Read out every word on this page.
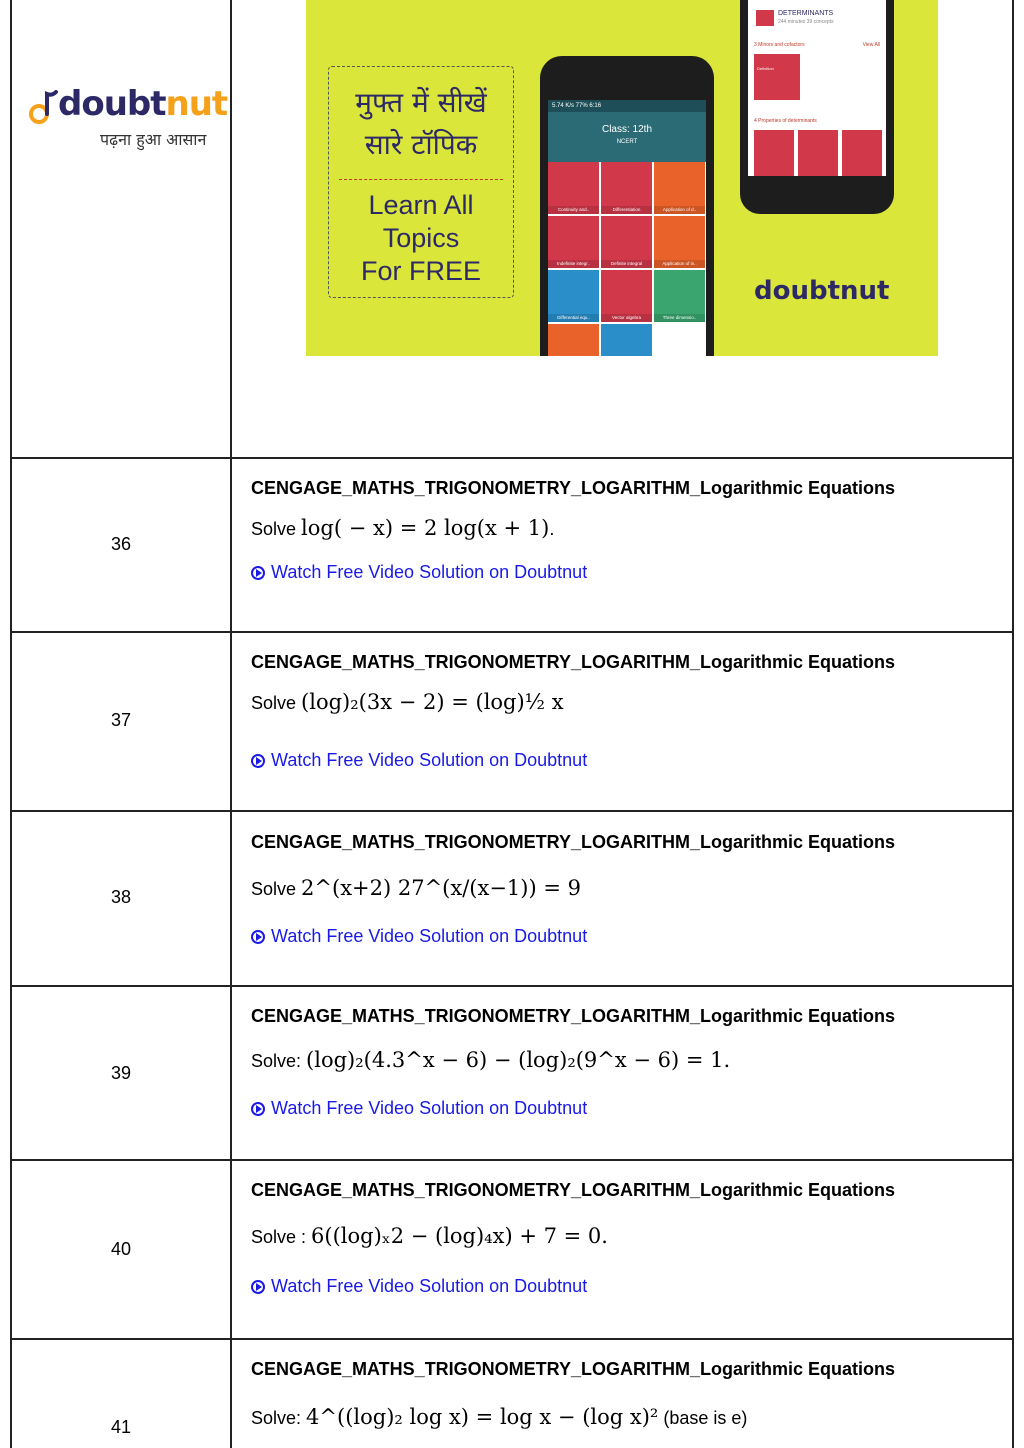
doubtnut
पढ़ना हुआ आसान
मुफ्त में सीखें
सारे टॉपिक
Learn All
Topics
For FREE
5.74 K/s 77% 6:16
Class: 12th
NCERT
Continuity and..	Differentiation	Application of d..
Indefinite integr..	Definite integral	Application of in..
Differential equ..	Vector algebra	Three dimensio..
DETERMINANTS
244 minutes 39 concepts
3 Minors and cofactors	View All
Definition
4 Properties of determinants
doubtnut
36
CENGAGE_MATHS_TRIGONOMETRY_LOGARITHM_Logarithmic Equations
Solve log( − x) = 2 log(x + 1).
Watch Free Video Solution on Doubtnut
37
CENGAGE_MATHS_TRIGONOMETRY_LOGARITHM_Logarithmic Equations
Solve (log)₂(3x − 2) = (log)½ x
Watch Free Video Solution on Doubtnut
38
CENGAGE_MATHS_TRIGONOMETRY_LOGARITHM_Logarithmic Equations
Solve 2^(x+2) 27^(x/(x−1)) = 9
Watch Free Video Solution on Doubtnut
39
CENGAGE_MATHS_TRIGONOMETRY_LOGARITHM_Logarithmic Equations
Solve: (log)₂(4.3^x − 6) − (log)₂(9^x − 6) = 1.
Watch Free Video Solution on Doubtnut
40
CENGAGE_MATHS_TRIGONOMETRY_LOGARITHM_Logarithmic Equations
Solve : 6((log)ₓ2 − (log)₄x) + 7 = 0.
Watch Free Video Solution on Doubtnut
41
CENGAGE_MATHS_TRIGONOMETRY_LOGARITHM_Logarithmic Equations
Solve: 4^((log)₂ log x) = log x − (log x)² (base is e)
